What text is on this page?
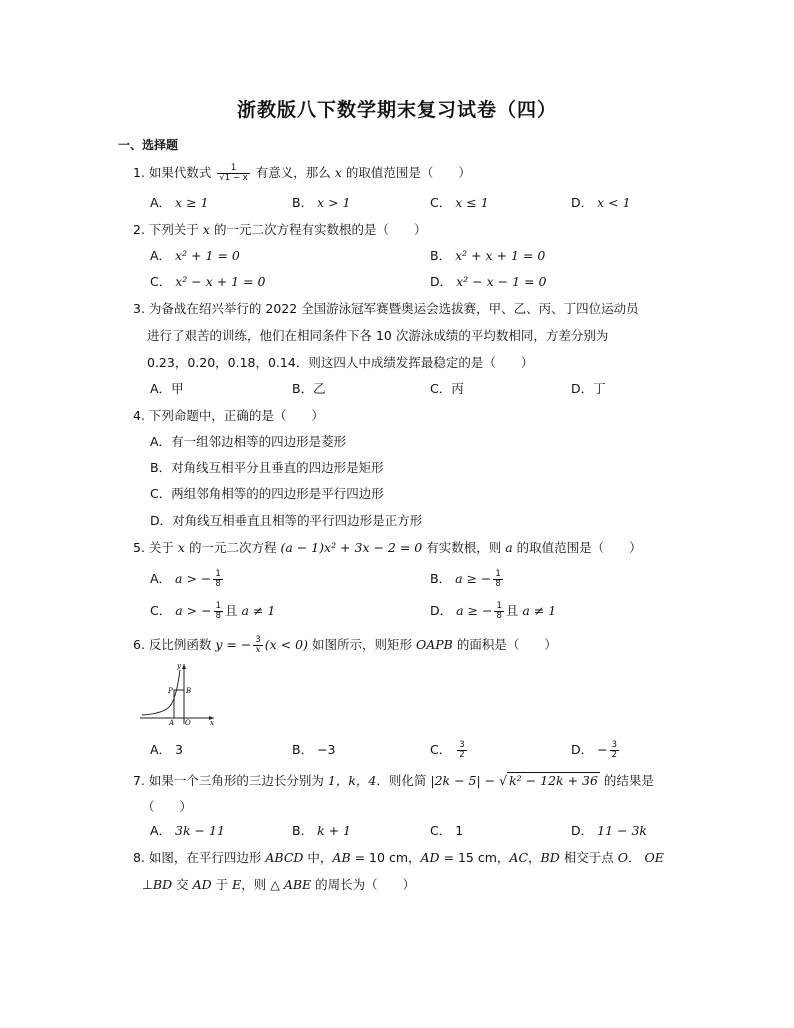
浙教版八下数学期末复习试卷（四）
一、选择题
1. 如果代数式 $\frac{1}{√1 - x}$ 有意义，那么 x 的取值范围是（　　）
A． x ≥ 1	B． x > 1	C． x ≤ 1	D． x < 1
2. 下列关于 x 的一元二次方程有实数根的是（　　）
A． x² + 1 = 0	B． x² + x + 1 = 0
C． x² − x + 1 = 0	D． x² − x − 1 = 0
3. 为备战在绍兴举行的 2022 全国游泳冠军赛暨奥运会选拔赛，甲、乙、丙、丁四位运动员
进行了艰苦的训练，他们在相同条件下各 10 次游泳成绩的平均数相同，方差分别为
0.23，0.20，0.18，0.14．则这四人中成绩发挥最稳定的是（　　）
A．甲	B．乙	C．丙	D．丁
4. 下列命题中，正确的是（　　）
A．有一组邻边相等的四边形是菱形
B．对角线互相平分且垂直的四边形是矩形
C．两组邻角相等的的四边形是平行四边形
D．对角线互相垂直且相等的平行四边形是正方形
5. 关于 x 的一元二次方程 (a − 1)x² + 3x − 2 = 0 有实数根，则 a 的取值范围是（　　）
A． a > − $\frac{1}{8}$	B． a ≥ − $\frac{1}{8}$
C． a > − $\frac{1}{8}$ 且 a ≠ 1	D． a ≥ − $\frac{1}{8}$ 且 a ≠ 1
6. 反比例函数 y = − $\frac{3}{x} (x < 0)$ 如图所示，则矩形 OAPB 的面积是（　　）
y
x
O
A
P B
A． 3	B． −3	C． $\frac{3}{2}$	D． − $\frac{3}{2}$
7. 如果一个三角形的三边长分别为 1，k，4．则化简 |2k − 5| − √ k² − 12k + 36 的结果是
（　　）
A． 3k − 11	B． k + 1	C． 1	D． 11 − 3k
8. 如图，在平行四边形 ABCD 中，AB = 10 cm，AD = 15 cm，AC，BD 相交于点 O． OE
⊥BD 交 AD 于 E，则 △ ABE 的周长为（　　）
